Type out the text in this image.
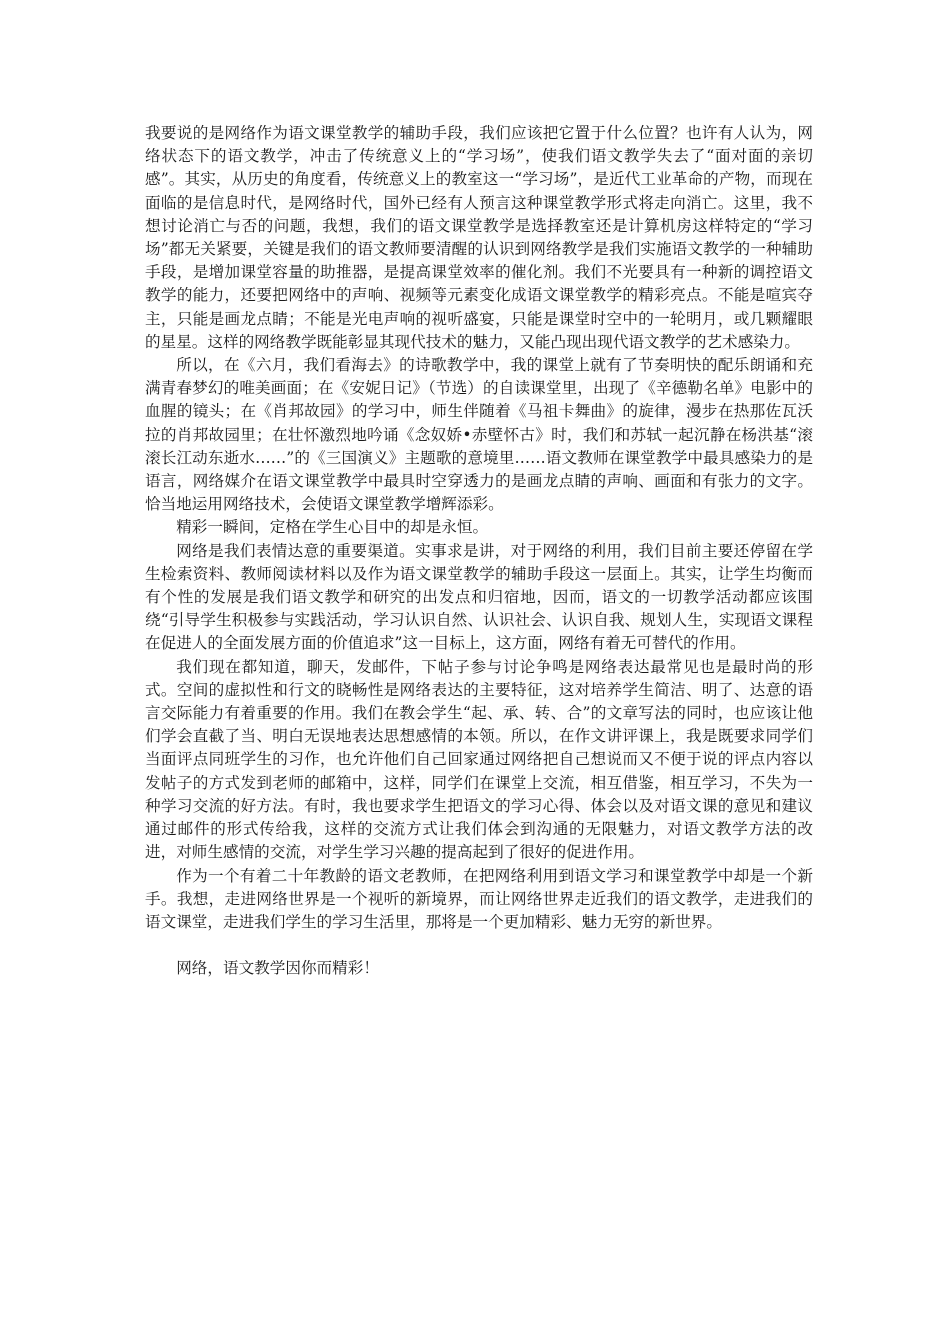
我要说的是网络作为语文课堂教学的辅助手段，我们应该把它置于什么位置？也许有人认为，网络状态下的语文教学，冲击了传统意义上的“学习场”，使我们语文教学失去了“面对面的亲切感”。其实，从历史的角度看，传统意义上的教室这一“学习场”，是近代工业革命的产物，而现在面临的是信息时代，是网络时代，国外已经有人预言这种课堂教学形式将走向消亡。这里，我不想讨论消亡与否的问题，我想，我们的语文课堂教学是选择教室还是计算机房这样特定的“学习场”都无关紧要，关键是我们的语文教师要清醒的认识到网络教学是我们实施语文教学的一种辅助手段，是增加课堂容量的助推器，是提高课堂效率的催化剂。我们不光要具有一种新的调控语文教学的能力，还要把网络中的声响、视频等元素变化成语文课堂教学的精彩亮点。不能是喧宾夺主，只能是画龙点睛；不能是光电声响的视听盛宴，只能是课堂时空中的一轮明月，或几颗耀眼的星星。这样的网络教学既能彰显其现代技术的魅力，又能凸现出现代语文教学的艺术感染力。

所以，在《六月，我们看海去》的诗歌教学中，我的课堂上就有了节奏明快的配乐朗诵和充满青春梦幻的唯美画面；在《安妮日记》（节选）的自读课堂里，出现了《辛德勒名单》电影中的血腥的镜头；在《肖邦故园》的学习中，师生伴随着《马祖卡舞曲》的旋律，漫步在热那佐瓦沃拉的肖邦故园里；在壮怀激烈地吟诵《念奴娇•赤壁怀古》时，我们和苏轼一起沉静在杨洪基“滚滚长江动东逝水……”的《三国演义》主题歌的意境里……语文教师在课堂教学中最具感染力的是语言，网络媒介在语文课堂教学中最具时空穿透力的是画龙点睛的声响、画面和有张力的文字。恰当地运用网络技术，会使语文课堂教学增辉添彩。

精彩一瞬间，定格在学生心目中的却是永恒。

网络是我们表情达意的重要渠道。实事求是讲，对于网络的利用，我们目前主要还停留在学生检索资料、教师阅读材料以及作为语文课堂教学的辅助手段这一层面上。其实，让学生均衡而有个性的发展是我们语文教学和研究的出发点和归宿地，因而，语文的一切教学活动都应该围绕“引导学生积极参与实践活动，学习认识自然、认识社会、认识自我、规划人生，实现语文课程在促进人的全面发展方面的价值追求”这一目标上，这方面，网络有着无可替代的作用。

我们现在都知道，聊天，发邮件，下帖子参与讨论争鸣是网络表达最常见也是最时尚的形式。空间的虚拟性和行文的晓畅性是网络表达的主要特征，这对培养学生简洁、明了、达意的语言交际能力有着重要的作用。我们在教会学生“起、承、转、合”的文章写法的同时，也应该让他们学会直截了当、明白无误地表达思想感情的本领。所以，在作文讲评课上，我是既要求同学们当面评点同班学生的习作，也允许他们自己回家通过网络把自己想说而又不便于说的评点内容以发帖子的方式发到老师的邮箱中，这样，同学们在课堂上交流，相互借鉴，相互学习，不失为一种学习交流的好方法。有时，我也要求学生把语文的学习心得、体会以及对语文课的意见和建议通过邮件的形式传给我，这样的交流方式让我们体会到沟通的无限魅力，对语文教学方法的改进，对师生感情的交流，对学生学习兴趣的提高起到了很好的促进作用。

作为一个有着二十年教龄的语文老教师，在把网络利用到语文学习和课堂教学中却是一个新手。我想，走进网络世界是一个视听的新境界，而让网络世界走近我们的语文教学，走进我们的语文课堂，走进我们学生的学习生活里，那将是一个更加精彩、魅力无穷的新世界。

网络，语文教学因你而精彩！
